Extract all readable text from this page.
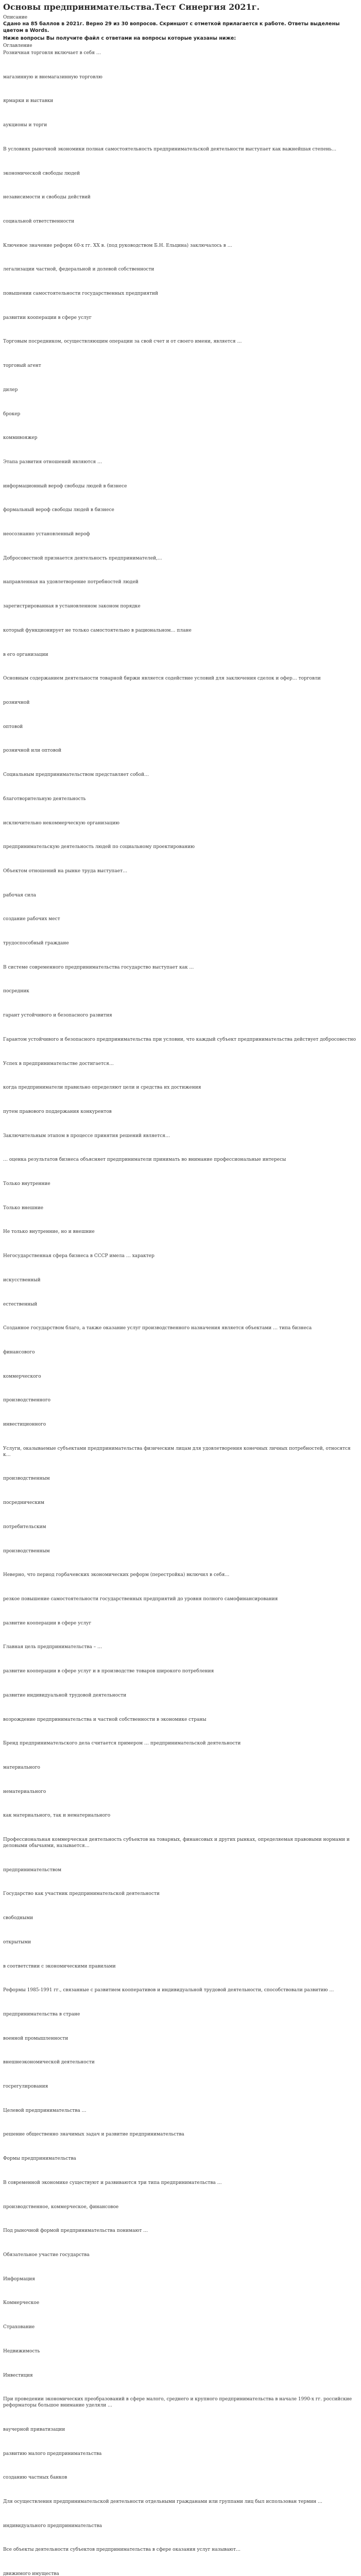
Основы предпринимательства.Тест Синергия 2021г.

Описание

Сдано на 85 баллов в 2021г. Верно 29 из 30 вопросов. Скриншот с отметкой прилагается к работе. Ответы выделены цветом в Words.

Ниже вопросы Вы получите файл с ответами на вопросы которые указаны ниже:

Оглавление

Розничная торговля включает в себя …

магазинную и внемагазинную торговлю

ярмарки и выставки

аукционы и торги

В условиях рыночной экономики полная самостоятельность предпринимательской деятельности выступает как важнейшая степень…

экономической свободы людей

независимости и свободы действий

социальной ответственности

Ключевое значение реформ 60-х гг. XX в. (под руководством Б.Н. Ельцина) заключалось в …

легализации частной, федеральной и долевой собственности

повышении самостоятельности государственных предприятий

развитии кооперации в сфере услуг

Торговым посредником, осуществляющим операции за свой счет и от своего имени, является …

торговый агент

дилер

брокер

коммивояжер

Этапа развития отношений являются …

информационный вероф свободы людей в бизнесе

формальный вероф свободы людей в бизнесе

неосознанно установленный вероф

Добросовестной признается деятельность предпринимателей,...

направленная на удовлетворение потребностей людей

зарегистрированная в установленном законом порядке

который функционирует не только самостоятельно в рациональном… плане

в его организации

Основным содержанием деятельности товарной биржи является содействие условий для заключения сделок и офер… торговли

розничной

оптовой

розничной или оптовой

Социальным предпринимательством представляет собой…

благотворительную деятельность

исключительно некоммерческую организацию

предпринимательскую деятельность людей по социальному проектированию

Объектом отношений на рынке труда выступает…

рабочая сила

создание рабочих мест

трудоспособный граждане

В системе современного предпринимательства государство выступает как …

посредник

гарант устойчивого и безопасного развития

Гарантом устойчивого и безопасного предпринимательства при условии, что каждый субъект предпринимательства действует добросовестно

Успех в предпринимательстве достигается…

когда предприниматели правильно определяют цели и средства их достижения

путем правового поддержания конкурентов

Заключительным этапом в процессе принятия решений является…

… оценка результатов бизнеса объясняет предприниматели принимать во внимание профессиональные интересы

Только внутренние

Только внешние

Не только внутренние, но и внешние

Негосударственная сфера бизнеса в СССР имела … характер

искусственный

естественный

Созданное государством благо, а также оказание услуг производственного назначения является объектами … типа бизнеса

финансового

коммерческого

производственного

инвестиционного

Услуги, оказываемые субъектами предпринимательства физическим лицам для удовлетворения конечных личных потребностей, относятся к…

производственным

посредническим

потребительским

производственным

Неверно, что период горбачевских экономических реформ (перестройка) включил в себя…

резкое повышение самостоятельности государственных предприятий до уровня полного самофинансирования

развитие кооперации в сфере услуг

Главная цель предпринимательства – …

развитие кооперации в сфере услуг и в производстве товаров широкого потребления

развитие индивидуальной трудовой деятельности

возрождение предпринимательства и частной собственности в экономике страны

Бренд предпринимательского дела считается примером … предпринимательской деятельности

материального

нематериального

как материального, так и нематериального

Профессиональная коммерческая деятельность субъектов на товарных, финансовых и других рынках, определяемая правовыми нормами и деловыми обычаями, называется…

предпринимательством

Государство как участник предпринимательской деятельности

свободными

открытыми

в соответствии с экономическими правилами

Реформы 1985-1991 гг., связанные с развитием кооперативов и индивидуальной трудовой деятельности, способствовали развитию …

предпринимательства в стране

военной промышленности

внешнеэкономической деятельности

госрегулирования

Целевой предпринимательства …

решение общественно значимых задач и развитие предпринимательства

Формы предпринимательства

В современной экономике существуют и развиваются три типа предпринимательства …

производственное, коммерческое, финансовое

Под рыночной формой предпринимательства понимают …

Обязательное участие государства

Информация

Коммерческое

Страхование

Недвижимость

Инвестиция

При проведении экономических преобразований в сфере малого, среднего и крупного предпринимательства в начале 1990-х гг. российские реформаторы большое внимание уделяли …

ваучерной приватизации

развитию малого предпринимательства

созданию частных банков

Для осуществления предпринимательской деятельности отдельными гражданами или группами лиц был использован термин …

индивидуального предпринимательства

Все объекты деятельности субъектов предпринимательства в сфере оказания услуг называют…

движимого имущества
